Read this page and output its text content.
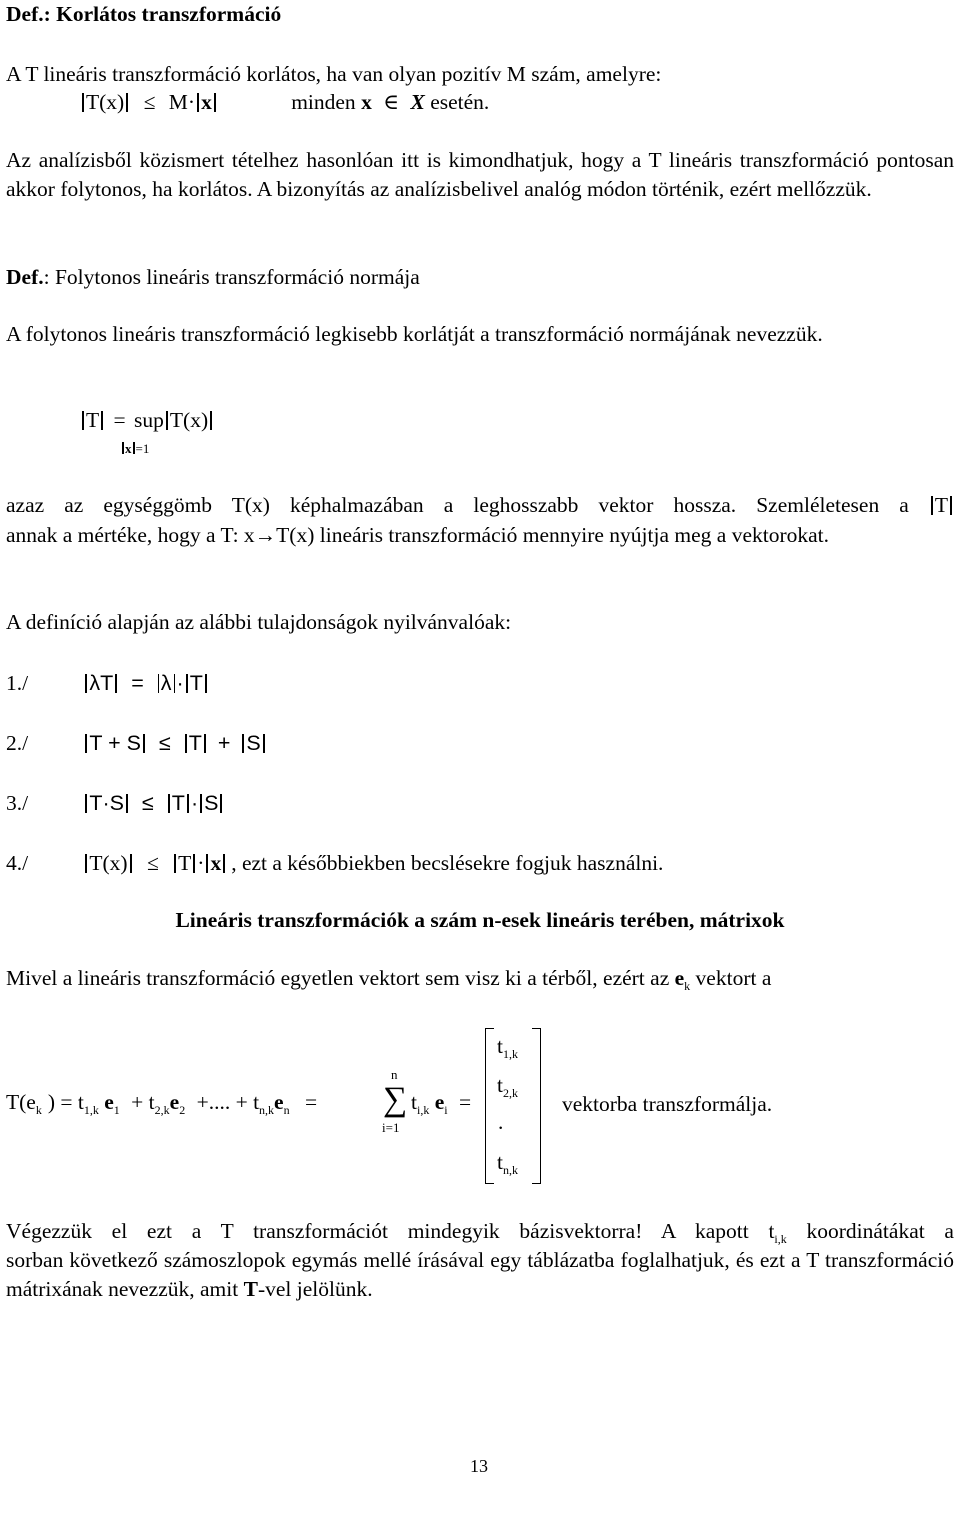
Def.: Korlátos transzformáció
A T lineáris transzformáció korlátos, ha van olyan pozitív M szám, amelyre:
T(x) ≤ M· x	minden x ∈ X esetén.
Az analízisből közismert tételhez hasonlóan itt is kimondhatjuk, hogy a T lineáris transzformáció pontosan akkor folytonos, ha korlátos. A bizonyítás az analízisbelivel analóg módon történik, ezért mellőzzük.
Def.: Folytonos lineáris transzformáció normája
A folytonos lineáris transzformáció legkisebb korlátját a transzformáció normájának nevezzük.
T = sup T(x)
x =1
azaz az egységgömb T(x) képhalmazában a leghosszabb vektor hossza. Szemléletesen a T
annak a mértéke, hogy a T: x→T(x) lineáris transzformáció mennyire nyújtja meg a vektorokat.
A definíció alapján az alábbi tulajdonságok nyilvánvalóak:
1./	λT = λ · T
2./	T + S ≤ T + S
3./	T·S ≤ T · S
4./	T(x) ≤ T · x , ezt a későbbiekben becslésekre fogjuk használni.
Lineáris transzformációk a szám n-esek lineáris terében, mátrixok
Mivel a lineáris transzformáció egyetlen vektort sem visz ki a térből, ezért az $e_k$ vektort a
$T(e_k$ ) = $t_{1,k}$ $e_1 + t_{2,k}e_2$ +.... + $t_{n,k}e_n$ =
n
∑
i=1
$t_{i,k}$ $e_i$ =
$t_{1,k}$
$t_{2,k}$
.
$t_{n,k}$
vektorba transzformálja.
Végezzük el ezt a T transzformációt mindegyik bázisvektorra! A kapott $t_{i,k}$ koordinátákat a
sorban következő számoszlopok egymás mellé írásával egy táblázatba foglalhatjuk, és ezt a T transzformáció mátrixának nevezzük, amit T-vel jelölünk.
13
